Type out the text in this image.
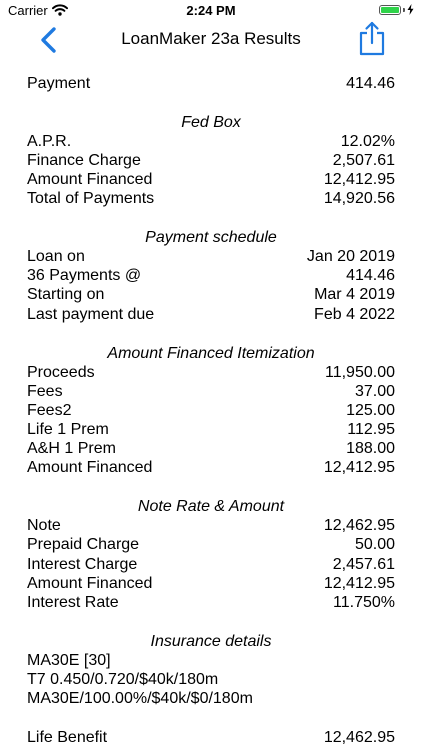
Carrier	2:24 PM
LoanMaker 23a Results
Payment	414.46
Fed Box
A.P.R.	12.02%
Finance Charge	2,507.61
Amount Financed	12,412.95
Total of Payments	14,920.56
Payment schedule
Loan on	Jan 20 2019
36 Payments @	414.46
Starting on	Mar 4 2019
Last payment due	Feb 4 2022
Amount Financed Itemization
Proceeds	11,950.00
Fees	37.00
Fees2	125.00
Life 1 Prem	112.95
A&H 1 Prem	188.00
Amount Financed	12,412.95
Note Rate & Amount
Note	12,462.95
Prepaid Charge	50.00
Interest Charge	2,457.61
Amount Financed	12,412.95
Interest Rate	11.750%
Insurance details
MA30E [30]
T7 0.450/0.720/$40k/180m
MA30E/100.00%/$40k/$0/180m
Life Benefit	12,462.95
